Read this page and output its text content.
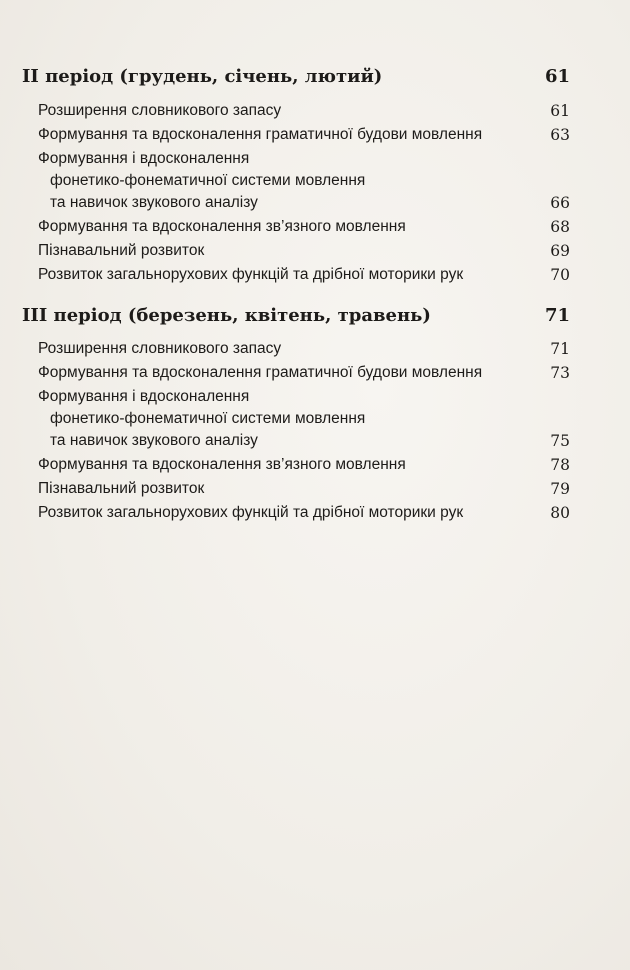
ІІ період (грудень, січень, лютий)	61
Розширення словникового запасу	61
Формування та вдосконалення граматичної будови мовлення	63
Формування і вдосконалення
фонетико-фонематичної системи мовлення
та навичок звукового аналізу	66
Формування та вдосконалення зв’язного мовлення	68
Пізнавальний розвиток	69
Розвиток загальнорухових функцій та дрібної моторики рук	70
ІІІ період (березень, квітень, травень)	71
Розширення словникового запасу	71
Формування та вдосконалення граматичної будови мовлення	73
Формування і вдосконалення
фонетико-фонематичної системи мовлення
та навичок звукового аналізу	75
Формування та вдосконалення зв’язного мовлення	78
Пізнавальний розвиток	79
Розвиток загальнорухових функцій та дрібної моторики рук	80
